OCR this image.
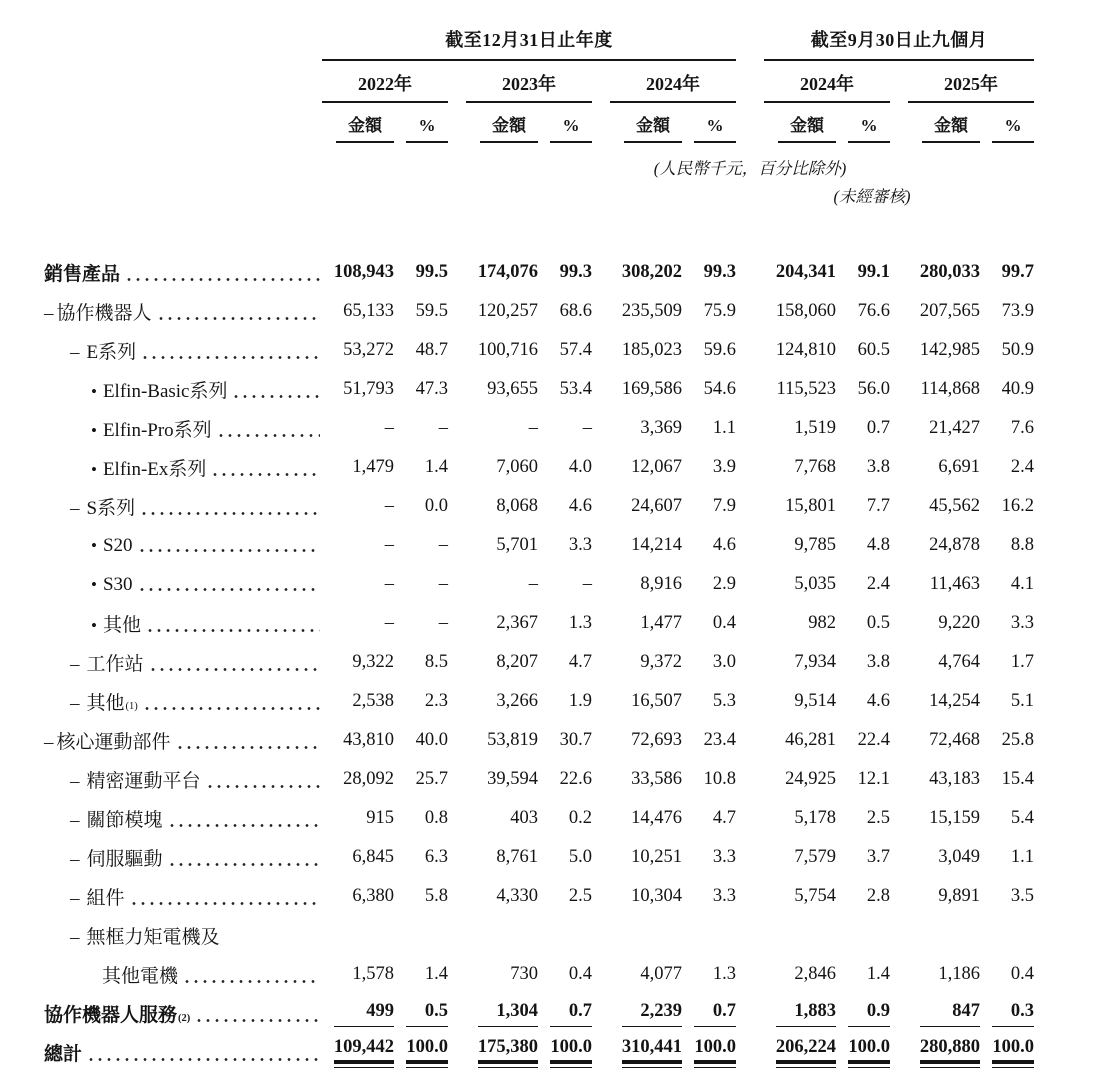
	截至12月31日止年度									截至9月30日止九個月				
	2022年			2023年			2024年			2024年			2025年	
	金額	%		金額	%		金額	%		金額	%		金額	%
							(人民幣千元，百分比除外)							
										(未經審核)				

銷售產品	108,943	99.5		174,076	99.3		308,202	99.3		204,341	99.1		280,033	99.7

– 協作機器人	65,133	59.5		120,257	68.6		235,509	75.9		158,060	76.6		207,565	73.9

– E系列	53,272	48.7		100,716	57.4		185,023	59.6		124,810	60.5		142,985	50.9

• Elfin-Basic系列	51,793	47.3		93,655	53.4		169,586	54.6		115,523	56.0		114,868	40.9

• Elfin-Pro系列	–	–		–	–		3,369	1.1		1,519	0.7		21,427	7.6

• Elfin-Ex系列	1,479	1.4		7,060	4.0		12,067	3.9		7,768	3.8		6,691	2.4

– S系列	–	0.0		8,068	4.6		24,607	7.9		15,801	7.7		45,562	16.2

• S20	–	–		5,701	3.3		14,214	4.6		9,785	4.8		24,878	8.8

• S30	–	–		–	–		8,916	2.9		5,035	2.4		11,463	4.1

• 其他	–	–		2,367	1.3		1,477	0.4		982	0.5		9,220	3.3

– 工作站	9,322	8.5		8,207	4.7		9,372	3.0		7,934	3.8		4,764	1.7

– 其他 (1)	2,538	2.3		3,266	1.9		16,507	5.3		9,514	4.6		14,254	5.1

– 核心運動部件	43,810	40.0		53,819	30.7		72,693	23.4		46,281	22.4		72,468	25.8

– 精密運動平台	28,092	25.7		39,594	22.6		33,586	10.8		24,925	12.1		43,183	15.4

– 關節模塊	915	0.8		403	0.2		14,476	4.7		5,178	2.5		15,159	5.4

– 伺服驅動	6,845	6.3		8,761	5.0		10,251	3.3		7,579	3.7		3,049	1.1

– 組件	6,380	5.8		4,330	2.5		10,304	3.3		5,754	2.8		9,891	3.5

– 無框力矩電機及														

其他電機	1,578	1.4		730	0.4		4,077	1.3		2,846	1.4		1,186	0.4

協作機器人服務 (2)	499	0.5		1,304	0.7		2,239	0.7		1,883	0.9		847	0.3

總計	109,442	100.0		175,380	100.0		310,441	100.0		206,224	100.0		280,880	100.0
